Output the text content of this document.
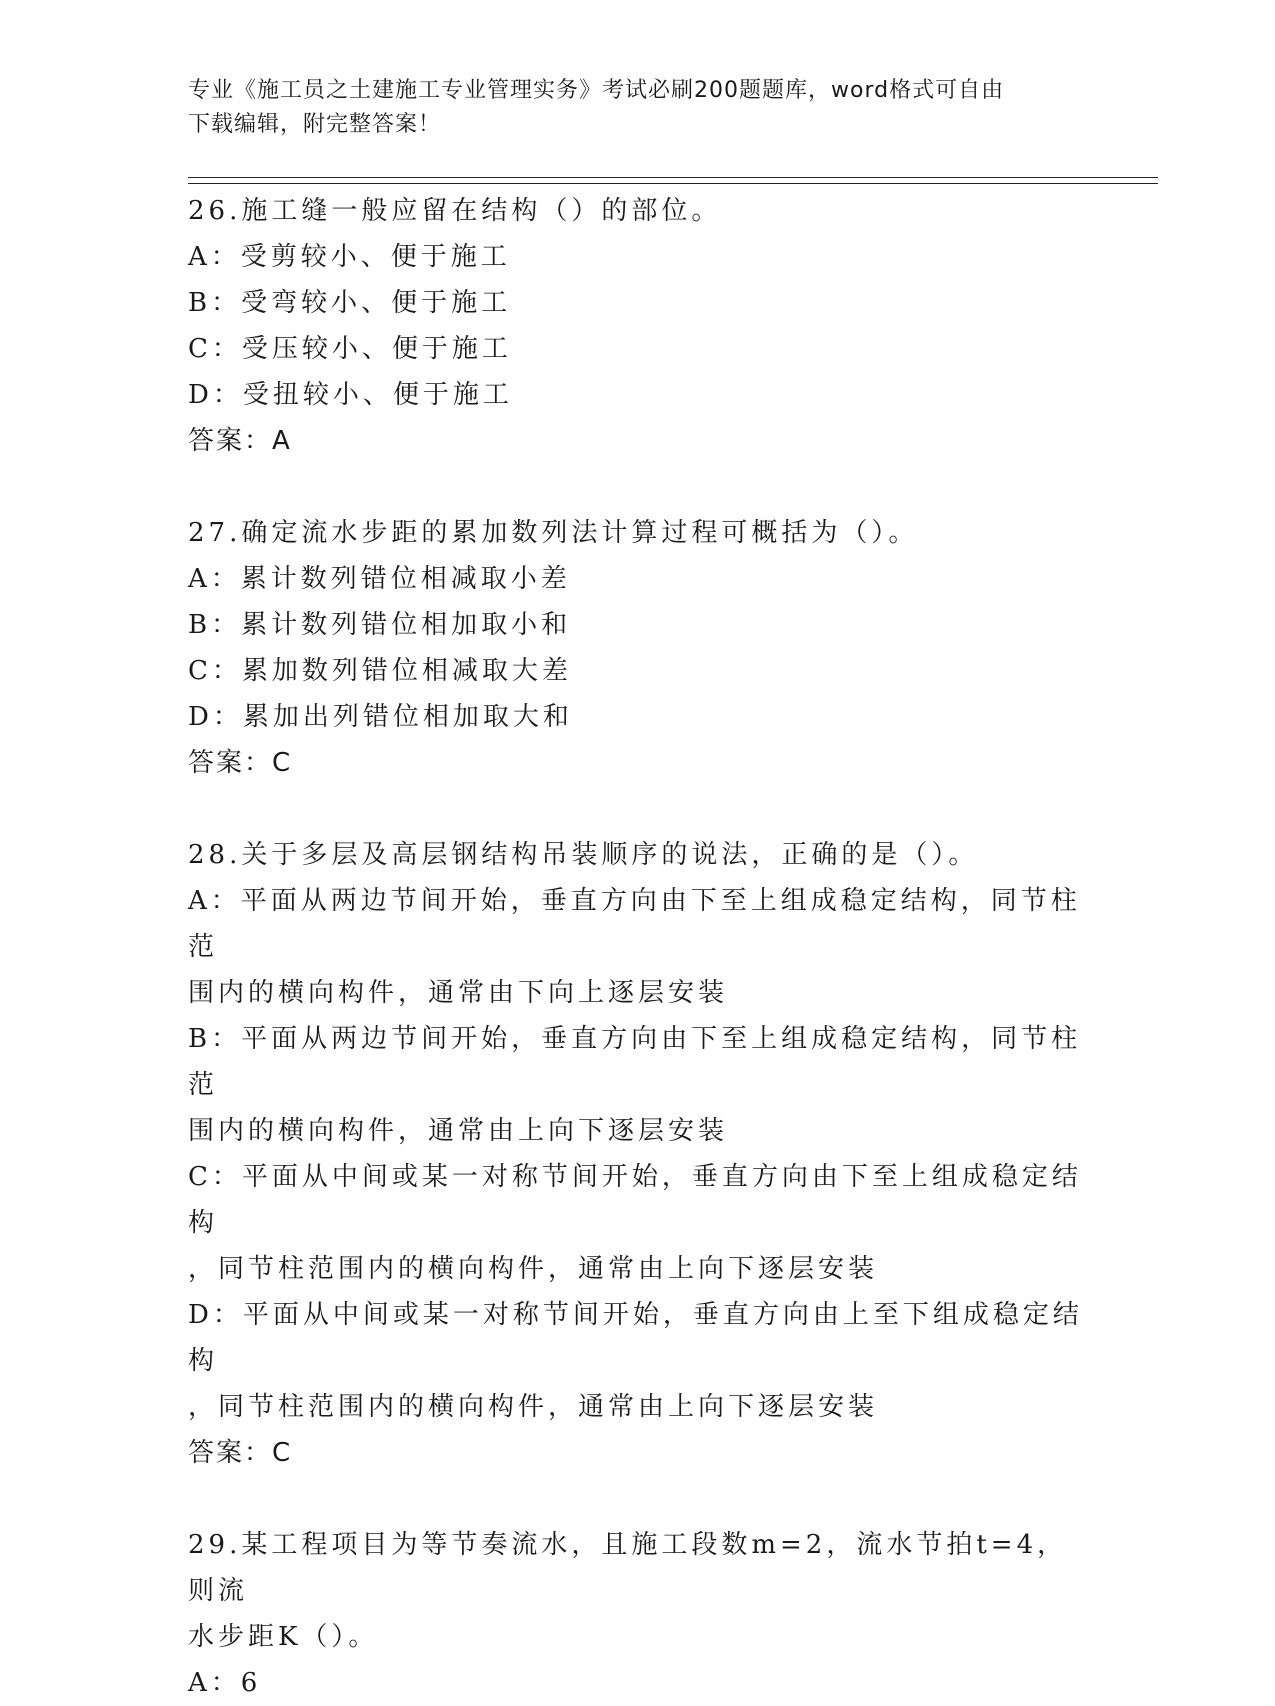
专业《施工员之土建施工专业管理实务》考试必刷200题题库，word格式可自由
下载编辑，附完整答案！
26.施工缝一般应留在结构（）的部位。
A：受剪较小、便于施工
B：受弯较小、便于施工
C：受压较小、便于施工
D：受扭较小、便于施工
答案：A
27.确定流水步距的累加数列法计算过程可概括为（）。
A：累计数列错位相减取小差
B：累计数列错位相加取小和
C：累加数列错位相减取大差
D：累加出列错位相加取大和
答案：C
28.关于多层及高层钢结构吊装顺序的说法，正确的是（）。
A：平面从两边节间开始，垂直方向由下至上组成稳定结构，同节柱范
围内的横向构件，通常由下向上逐层安装
B：平面从两边节间开始，垂直方向由下至上组成稳定结构，同节柱范
围内的横向构件，通常由上向下逐层安装
C：平面从中间或某一对称节间开始，垂直方向由下至上组成稳定结构
，同节柱范围内的横向构件，通常由上向下逐层安装
D：平面从中间或某一对称节间开始，垂直方向由上至下组成稳定结构
，同节柱范围内的横向构件，通常由上向下逐层安装
答案：C
29.某工程项目为等节奏流水，且施工段数m=2，流水节拍t=4，则流
水步距K（）。
A：6
